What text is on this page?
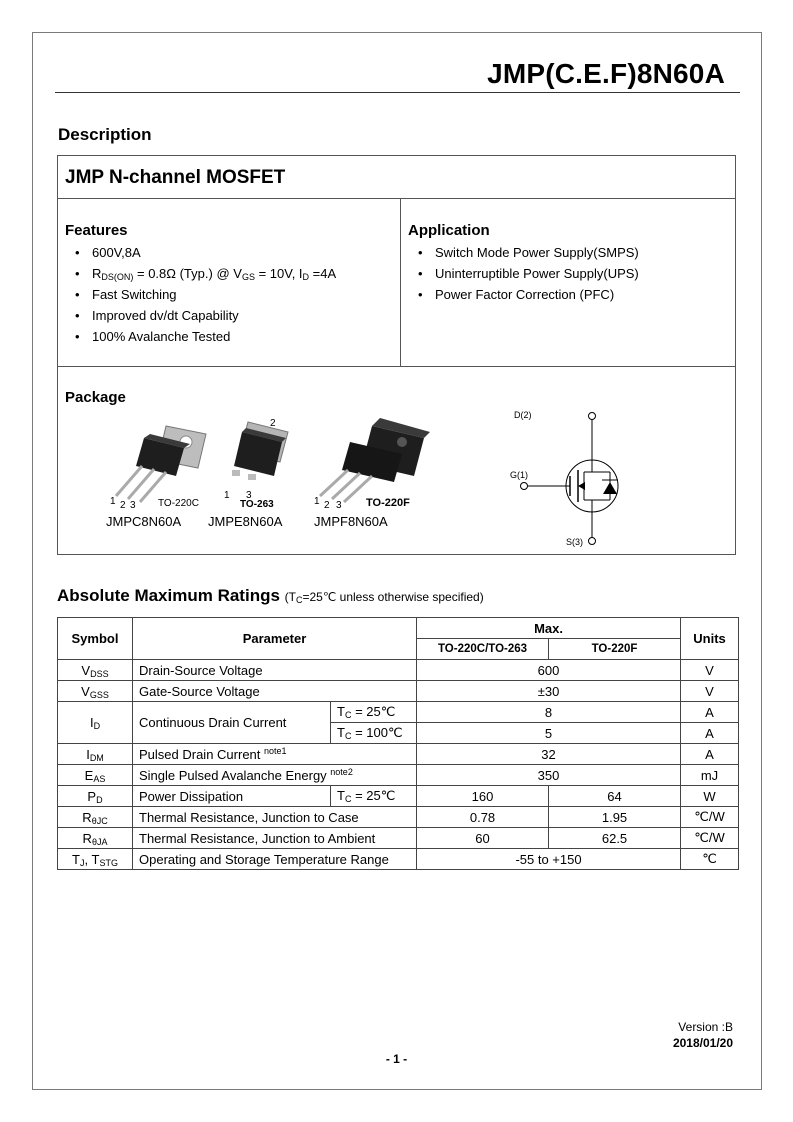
JMP(C.E.F)8N60A
Description
JMP N-channel MOSFET
Features
• 600V,8A
• $R_{DS(ON)} = 0.8\Omega$ (Typ.) @ $V_{GS} = 10V$, $I_D =4A$
• Fast Switching
• Improved dv/dt Capability
• 100% Avalanche Tested
Application
• Switch Mode Power Supply(SMPS)
• Uninterruptible Power Supply(UPS)
• Power Factor Correction (PFC)
Package
1 2 3 TO-220C
2
1 3
TO-263	1 2 3 TO-220F
JMPC8N60A JMPE8N60A JMPF8N60A
D(2)
G(1)
S(3)
Absolute Maximum Ratings ($T_C=25℃$ unless otherwise specified)
Symbol	Parameter		Max.		Units
			TO-220C/TO-263	TO-220F	
$V_{DSS}$	Drain-Source Voltage		600		V
$V_{GSS}$	Gate-Source Voltage		±30		V
$I_D$	Continuous Drain Current	$T_C$ = 25℃	8		A
		$T_C$ = 100℃	5		A
$I_{DM}$	Pulsed Drain Current $^{note1}$		32		A
$E_{AS}$	Single Pulsed Avalanche Energy $^{note2}$		350		mJ
$P_D$	Power Dissipation	$T_C$ = 25℃	160	64	W
$R_{\theta JC}$	Thermal Resistance, Junction to Case		0.78	1.95	℃/W
$R_{\theta JA}$	Thermal Resistance, Junction to Ambient		60	62.5	℃/W
$T_J$, $T_{STG}$	Operating and Storage Temperature Range		-55 to +150		℃
Version :B
2018/01/20
- 1 -
